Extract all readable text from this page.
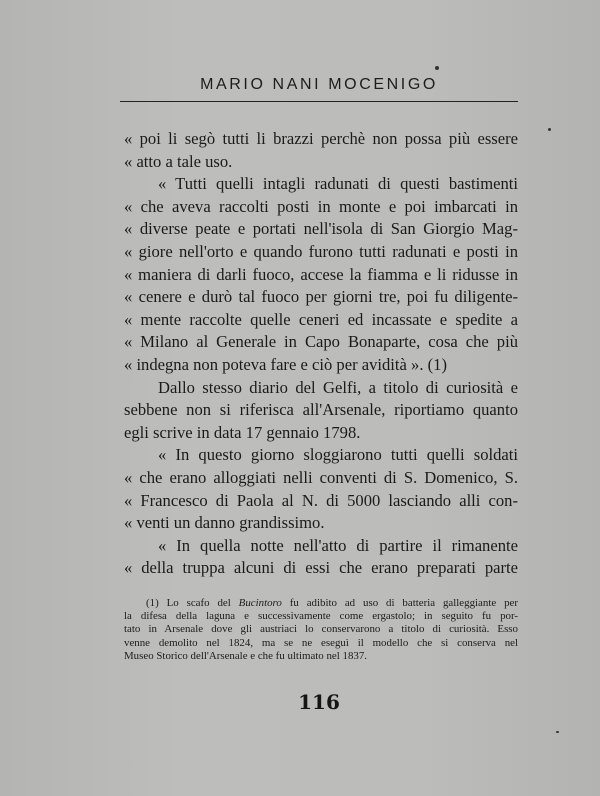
MARIO NANI MOCENIGO
« poi li segò tutti li brazzi perchè non possa più essere
« atto a tale uso.
« Tutti quelli intagli radunati di questi bastimenti
« che aveva raccolti posti in monte e poi imbarcati in
« diverse peate e portati nell'isola di San Giorgio Mag-
« giore nell'orto e quando furono tutti radunati e posti in
« maniera di darli fuoco, accese la fiamma e li ridusse in
« cenere e durò tal fuoco per giorni tre, poi fu diligente-
« mente raccolte quelle ceneri ed incassate e spedite a
« Milano al Generale in Capo Bonaparte, cosa che più
« indegna non poteva fare e ciò per avidità ». (1)
Dallo stesso diario del Gelfi, a titolo di curiosità e
sebbene non si riferisca all'Arsenale, riportiamo quanto
egli scrive in data 17 gennaio 1798.
« In questo giorno sloggiarono tutti quelli soldati
« che erano alloggiati nelli conventi di S. Domenico, S.
« Francesco di Paola al N. di 5000 lasciando alli con-
« venti un danno grandissimo.
« In quella notte nell'atto di partire il rimanente
« della truppa alcuni di essi che erano preparati parte
(1) Lo scafo del Bucintoro fu adibito ad uso di batteria galleggiante per
la difesa della laguna e successivamente come ergastolo; in seguito fu por-
tato in Arsenale dove gli austriaci lo conservarono a titolo di curiosità. Esso
venne demolito nel 1824, ma se ne eseguì il modello che si conserva nel
Museo Storico dell'Arsenale e che fu ultimato nel 1837.
116
